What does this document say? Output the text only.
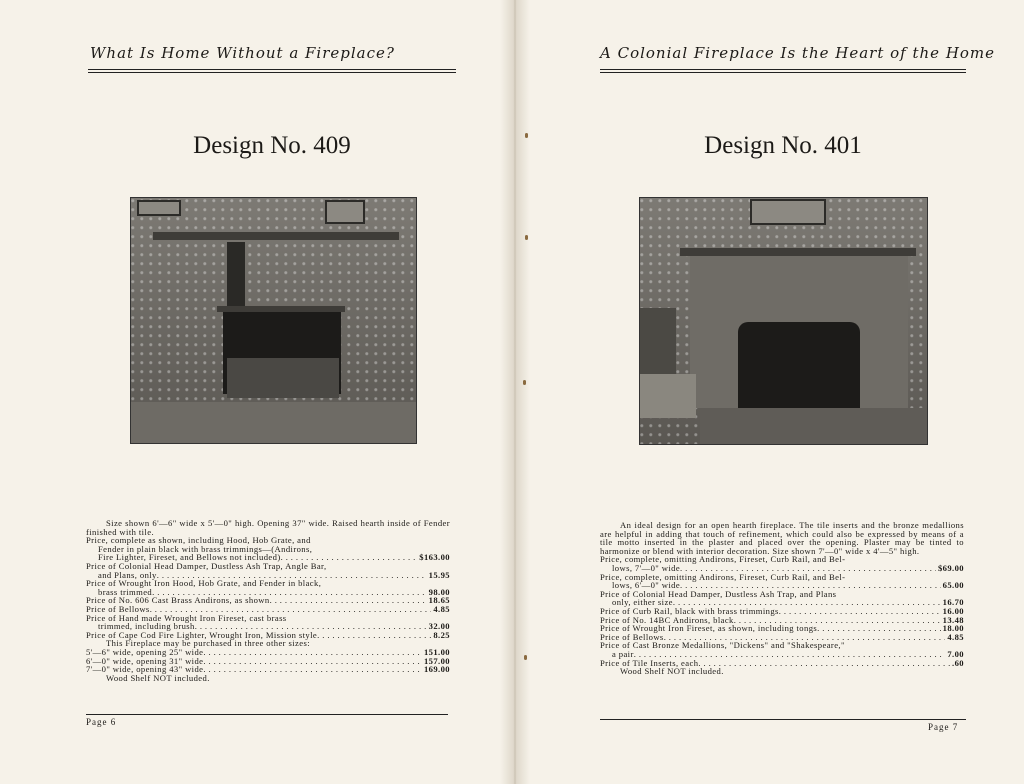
What Is Home Without a Fireplace?
Design No. 409
Size shown 6'—6" wide x 5'—0" high. Opening 37" wide. Raised hearth inside of Fender finished with tile.
Price, complete as shown, including Hood, Hob Grate, and
Fender in plain black with brass trimmings—(Andirons,
Fire Lighter, Fireset, and Bellows not included) . . .	$163.00
Price of Colonial Head Damper, Dustless Ash Trap, Angle Bar,
and Plans, only . . .	15.95
Price of Wrought Iron Hood, Hob Grate, and Fender in black,
brass trimmed . . .	98.00
Price of No. 606 Cast Brass Andirons, as shown . . .	18.65
Price of Bellows . . .	4.85
Price of Hand made Wrought Iron Fireset, cast brass
trimmed, including brush . . .	32.00
Price of Cape Cod Fire Lighter, Wrought Iron, Mission style . . .	8.25
This Fireplace may be purchased in three other sizes:
5'—6" wide, opening 25" wide . . .	151.00
6'—0" wide, opening 31" wide . . .	157.00
7'—0" wide, opening 43" wide . . .	169.00
Wood Shelf NOT included.
Page 6
A Colonial Fireplace Is the Heart of the Home
Design No. 401
An ideal design for an open hearth fireplace. The tile inserts and the bronze medallions are helpful in adding that touch of refinement, which could also be expressed by means of a tile motto inserted in the plaster and placed over the opening. Plaster may be tinted to harmonize or blend with interior decoration. Size shown 7'—0" wide x 4'—5" high.
Price, complete, omitting Andirons, Fireset, Curb Rail, and Bel-
lows, 7'—0" wide . . .	$69.00
Price, complete, omitting Andirons, Fireset, Curb Rail, and Bel-
lows, 6'—0" wide . . .	65.00
Price of Colonial Head Damper, Dustless Ash Trap, and Plans
only, either size . . .	16.70
Price of Curb Rail, black with brass trimmings . . .	16.00
Price of No. 14BC Andirons, black . . .	13.48
Price of Wrought Iron Fireset, as shown, including tongs . . .	18.00
Price of Bellows . . .	4.85
Price of Cast Bronze Medallions, "Dickens" and "Shakespeare,"
a pair . . .	7.00
Price of Tile Inserts, each . . .	.60
Wood Shelf NOT included.
Page 7
